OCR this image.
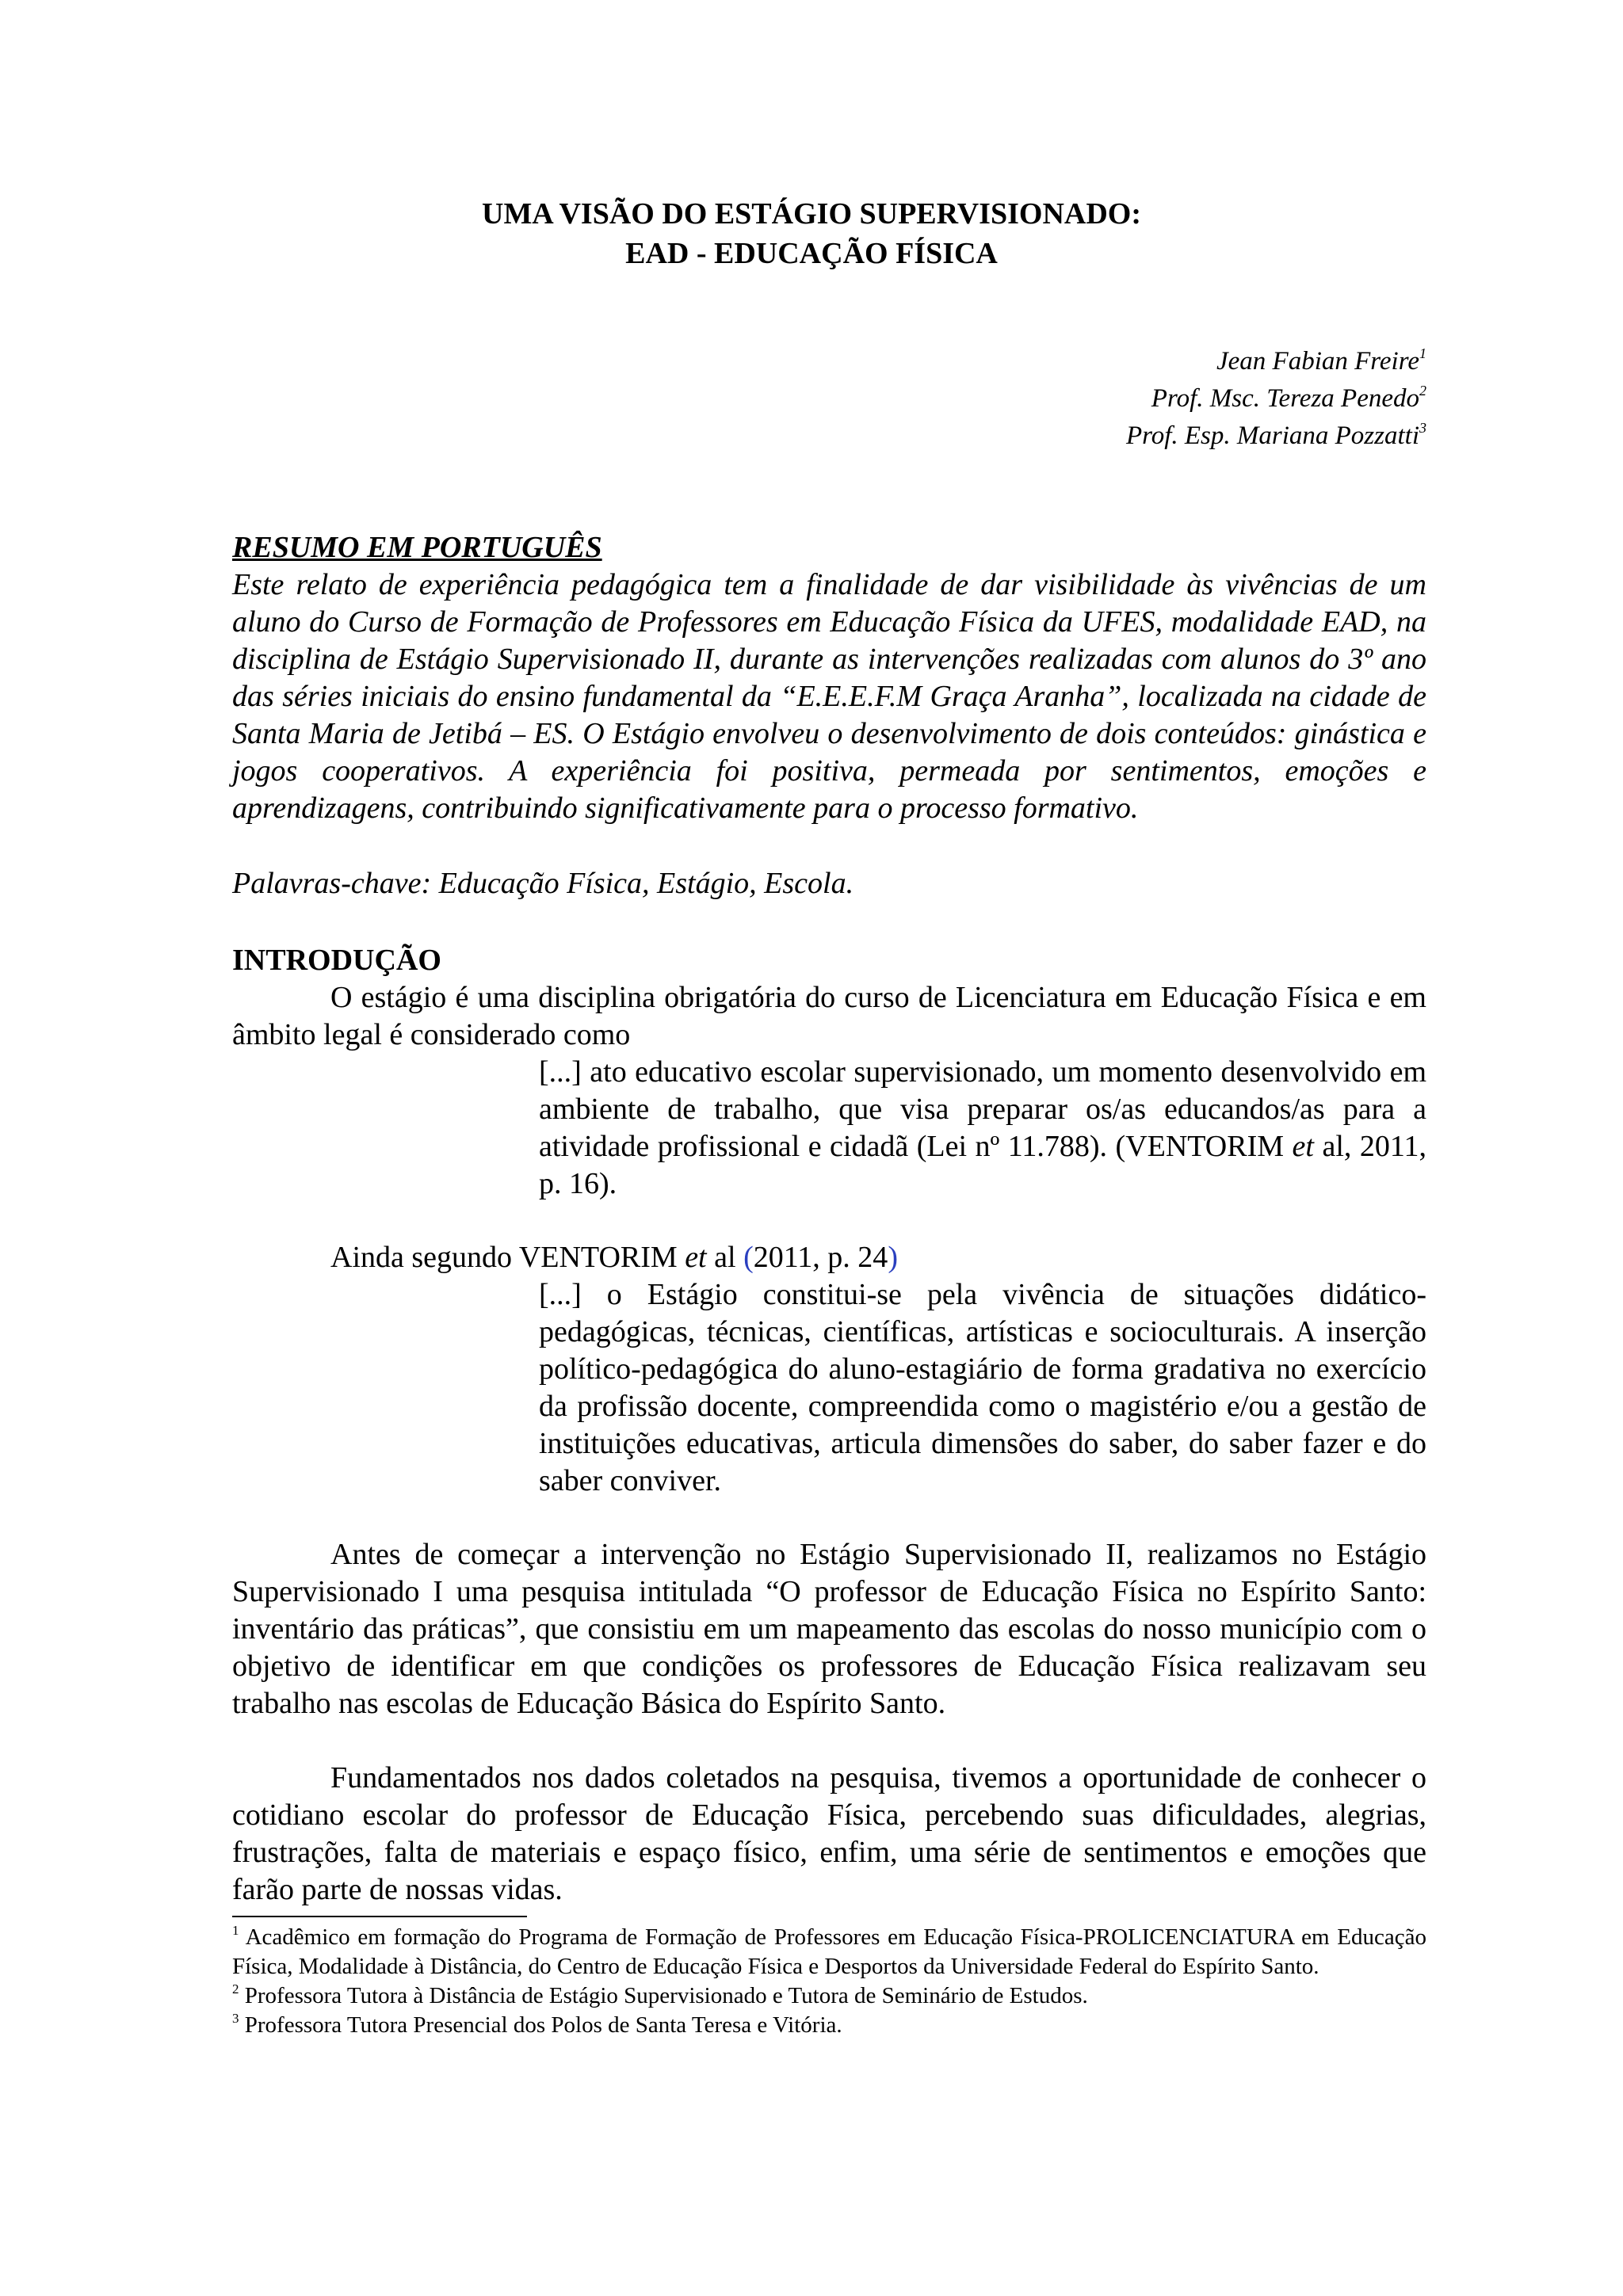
UMA VISÃO DO ESTÁGIO SUPERVISIONADO:
EAD - EDUCAÇÃO FÍSICA
Jean Fabian Freire$^1$
Prof. Msc. Tereza Penedo$^2$
Prof. Esp. Mariana Pozzatti$^3$
RESUMO EM PORTUGUÊS
Este relato de experiência pedagógica tem a finalidade de dar visibilidade às vivências de um aluno do Curso de Formação de Professores em Educação Física da UFES, modalidade EAD, na disciplina de Estágio Supervisionado II, durante as intervenções realizadas com alunos do 3º ano das séries iniciais do ensino fundamental da “E.E.E.F.M Graça Aranha”, localizada na cidade de Santa Maria de Jetibá – ES. O Estágio envolveu o desenvolvimento de dois conteúdos: ginástica e jogos cooperativos. A experiência foi positiva, permeada por sentimentos, emoções e aprendizagens, contribuindo significativamente para o processo formativo.
Palavras-chave: Educação Física, Estágio, Escola.
INTRODUÇÃO
O estágio é uma disciplina obrigatória do curso de Licenciatura em Educação Física e em âmbito legal é considerado como
[...] ato educativo escolar supervisionado, um momento desenvolvido em ambiente de trabalho, que visa preparar os/as educandos/as para a atividade profissional e cidadã (Lei nº 11.788). (VENTORIM et al, 2011, p. 16).
Ainda segundo VENTORIM et al (2011, p. 24)
[...] o Estágio constitui-se pela vivência de situações didático-pedagógicas, técnicas, científicas, artísticas e socioculturais. A inserção político-pedagógica do aluno-estagiário de forma gradativa no exercício da profissão docente, compreendida como o magistério e/ou a gestão de instituições educativas, articula dimensões do saber, do saber fazer e do saber conviver.
Antes de começar a intervenção no Estágio Supervisionado II, realizamos no Estágio Supervisionado I uma pesquisa intitulada “O professor de Educação Física no Espírito Santo: inventário das práticas”, que consistiu em um mapeamento das escolas do nosso município com o objetivo de identificar em que condições os professores de Educação Física realizavam seu trabalho nas escolas de Educação Básica do Espírito Santo.
Fundamentados nos dados coletados na pesquisa, tivemos a oportunidade de conhecer o cotidiano escolar do professor de Educação Física, percebendo suas dificuldades, alegrias, frustrações, falta de materiais e espaço físico, enfim, uma série de sentimentos e emoções que farão parte de nossas vidas.
$^1$ Acadêmico em formação do Programa de Formação de Professores em Educação Física-PROLICENCIATURA em Educação Física, Modalidade à Distância, do Centro de Educação Física e Desportos da Universidade Federal do Espírito Santo.
$^2$ Professora Tutora à Distância de Estágio Supervisionado e Tutora de Seminário de Estudos.
$^3$ Professora Tutora Presencial dos Polos de Santa Teresa e Vitória.
